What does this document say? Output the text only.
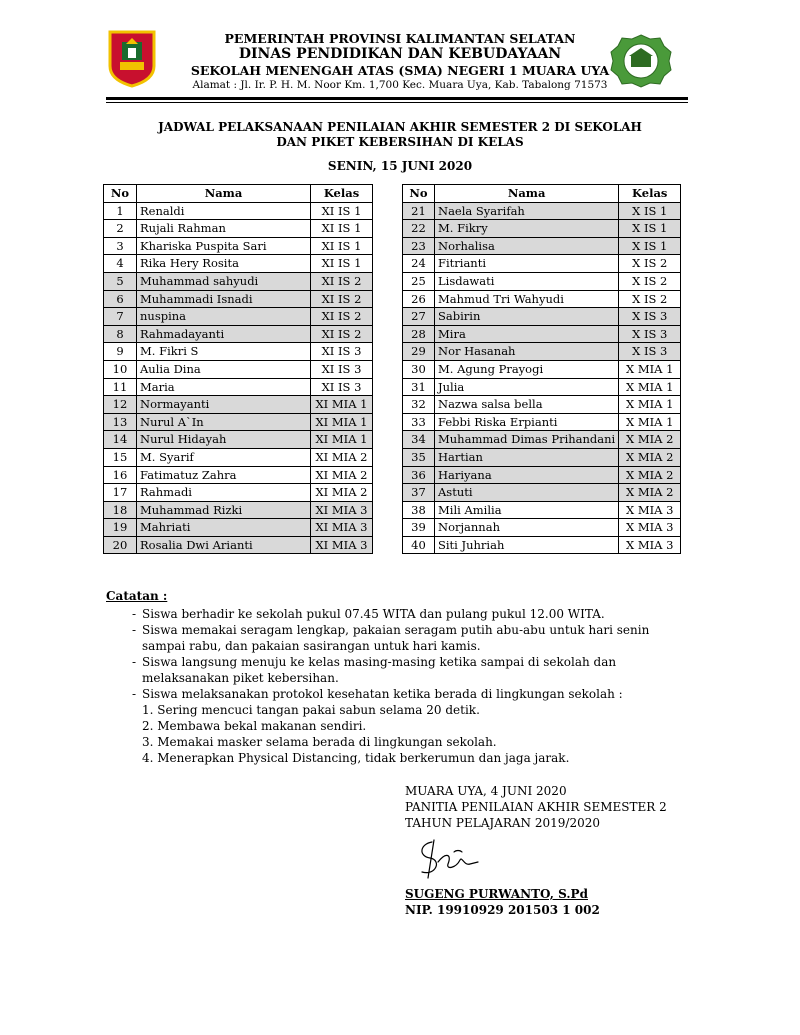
PEMERINTAH PROVINSI KALIMANTAN SELATAN
DINAS PENDIDIKAN DAN KEBUDAYAAN
SEKOLAH MENENGAH ATAS (SMA) NEGERI 1 MUARA UYA
Alamat : Jl. Ir. P. H. M. Noor Km. 1,700 Kec. Muara Uya, Kab. Tabalong 71573
JADWAL PELAKSANAAN PENILAIAN AKHIR SEMESTER 2 DI SEKOLAH
DAN PIKET KEBERSIHAN DI KELAS
SENIN, 15 JUNI 2020
No	Nama	Kelas
1	Renaldi	XI IS 1
2	Rujali Rahman	XI IS 1
3	Khariska Puspita Sari	XI IS 1
4	Rika Hery Rosita	XI IS 1
5	Muhammad sahyudi	XI IS 2
6	Muhammadi Isnadi	XI IS 2
7	nuspina	XI IS 2
8	Rahmadayanti	XI IS 2
9	M. Fikri S	XI IS 3
10	Aulia Dina	XI IS 3
11	Maria	XI IS 3
12	Normayanti	XI MIA 1
13	Nurul A`In	XI MIA 1
14	Nurul Hidayah	XI MIA 1
15	M. Syarif	XI MIA 2
16	Fatimatuz Zahra	XI MIA 2
17	Rahmadi	XI MIA 2
18	Muhammad Rizki	XI MIA 3
19	Mahriati	XI MIA 3
20	Rosalia Dwi Arianti	XI MIA 3
No	Nama	Kelas
21	Naela Syarifah	X IS 1
22	M. Fikry	X IS 1
23	Norhalisa	X IS 1
24	Fitrianti	X IS 2
25	Lisdawati	X IS 2
26	Mahmud Tri Wahyudi	X IS 2
27	Sabirin	X IS 3
28	Mira	X IS 3
29	Nor Hasanah	X IS 3
30	M. Agung Prayogi	X MIA 1
31	Julia	X MIA 1
32	Nazwa salsa bella	X MIA 1
33	Febbi Riska Erpianti	X MIA 1
34	Muhammad Dimas Prihandani	X MIA 2
35	Hartian	X MIA 2
36	Hariyana	X MIA 2
37	Astuti	X MIA 2
38	Mili Amilia	X MIA 3
39	Norjannah	X MIA 3
40	Siti Juhriah	X MIA 3
Catatan :
- Siswa berhadir ke sekolah pukul 07.45 WITA dan pulang pukul 12.00 WITA.
- Siswa memakai seragam lengkap, pakaian seragam putih abu-abu untuk hari senin sampai rabu, dan pakaian sasirangan untuk hari kamis.
- Siswa langsung menuju ke kelas masing-masing ketika sampai di sekolah dan melaksanakan piket kebersihan.
- Siswa melaksanakan protokol kesehatan ketika berada di lingkungan sekolah :
1. Sering mencuci tangan pakai sabun selama 20 detik.
2. Membawa bekal makanan sendiri.
3. Memakai masker selama berada di lingkungan sekolah.
4. Menerapkan Physical Distancing, tidak berkerumun dan jaga jarak.
MUARA UYA, 4 JUNI 2020
PANITIA PENILAIAN AKHIR SEMESTER 2
TAHUN PELAJARAN 2019/2020
SUGENG PURWANTO, S.Pd
NIP. 19910929 201503 1 002
